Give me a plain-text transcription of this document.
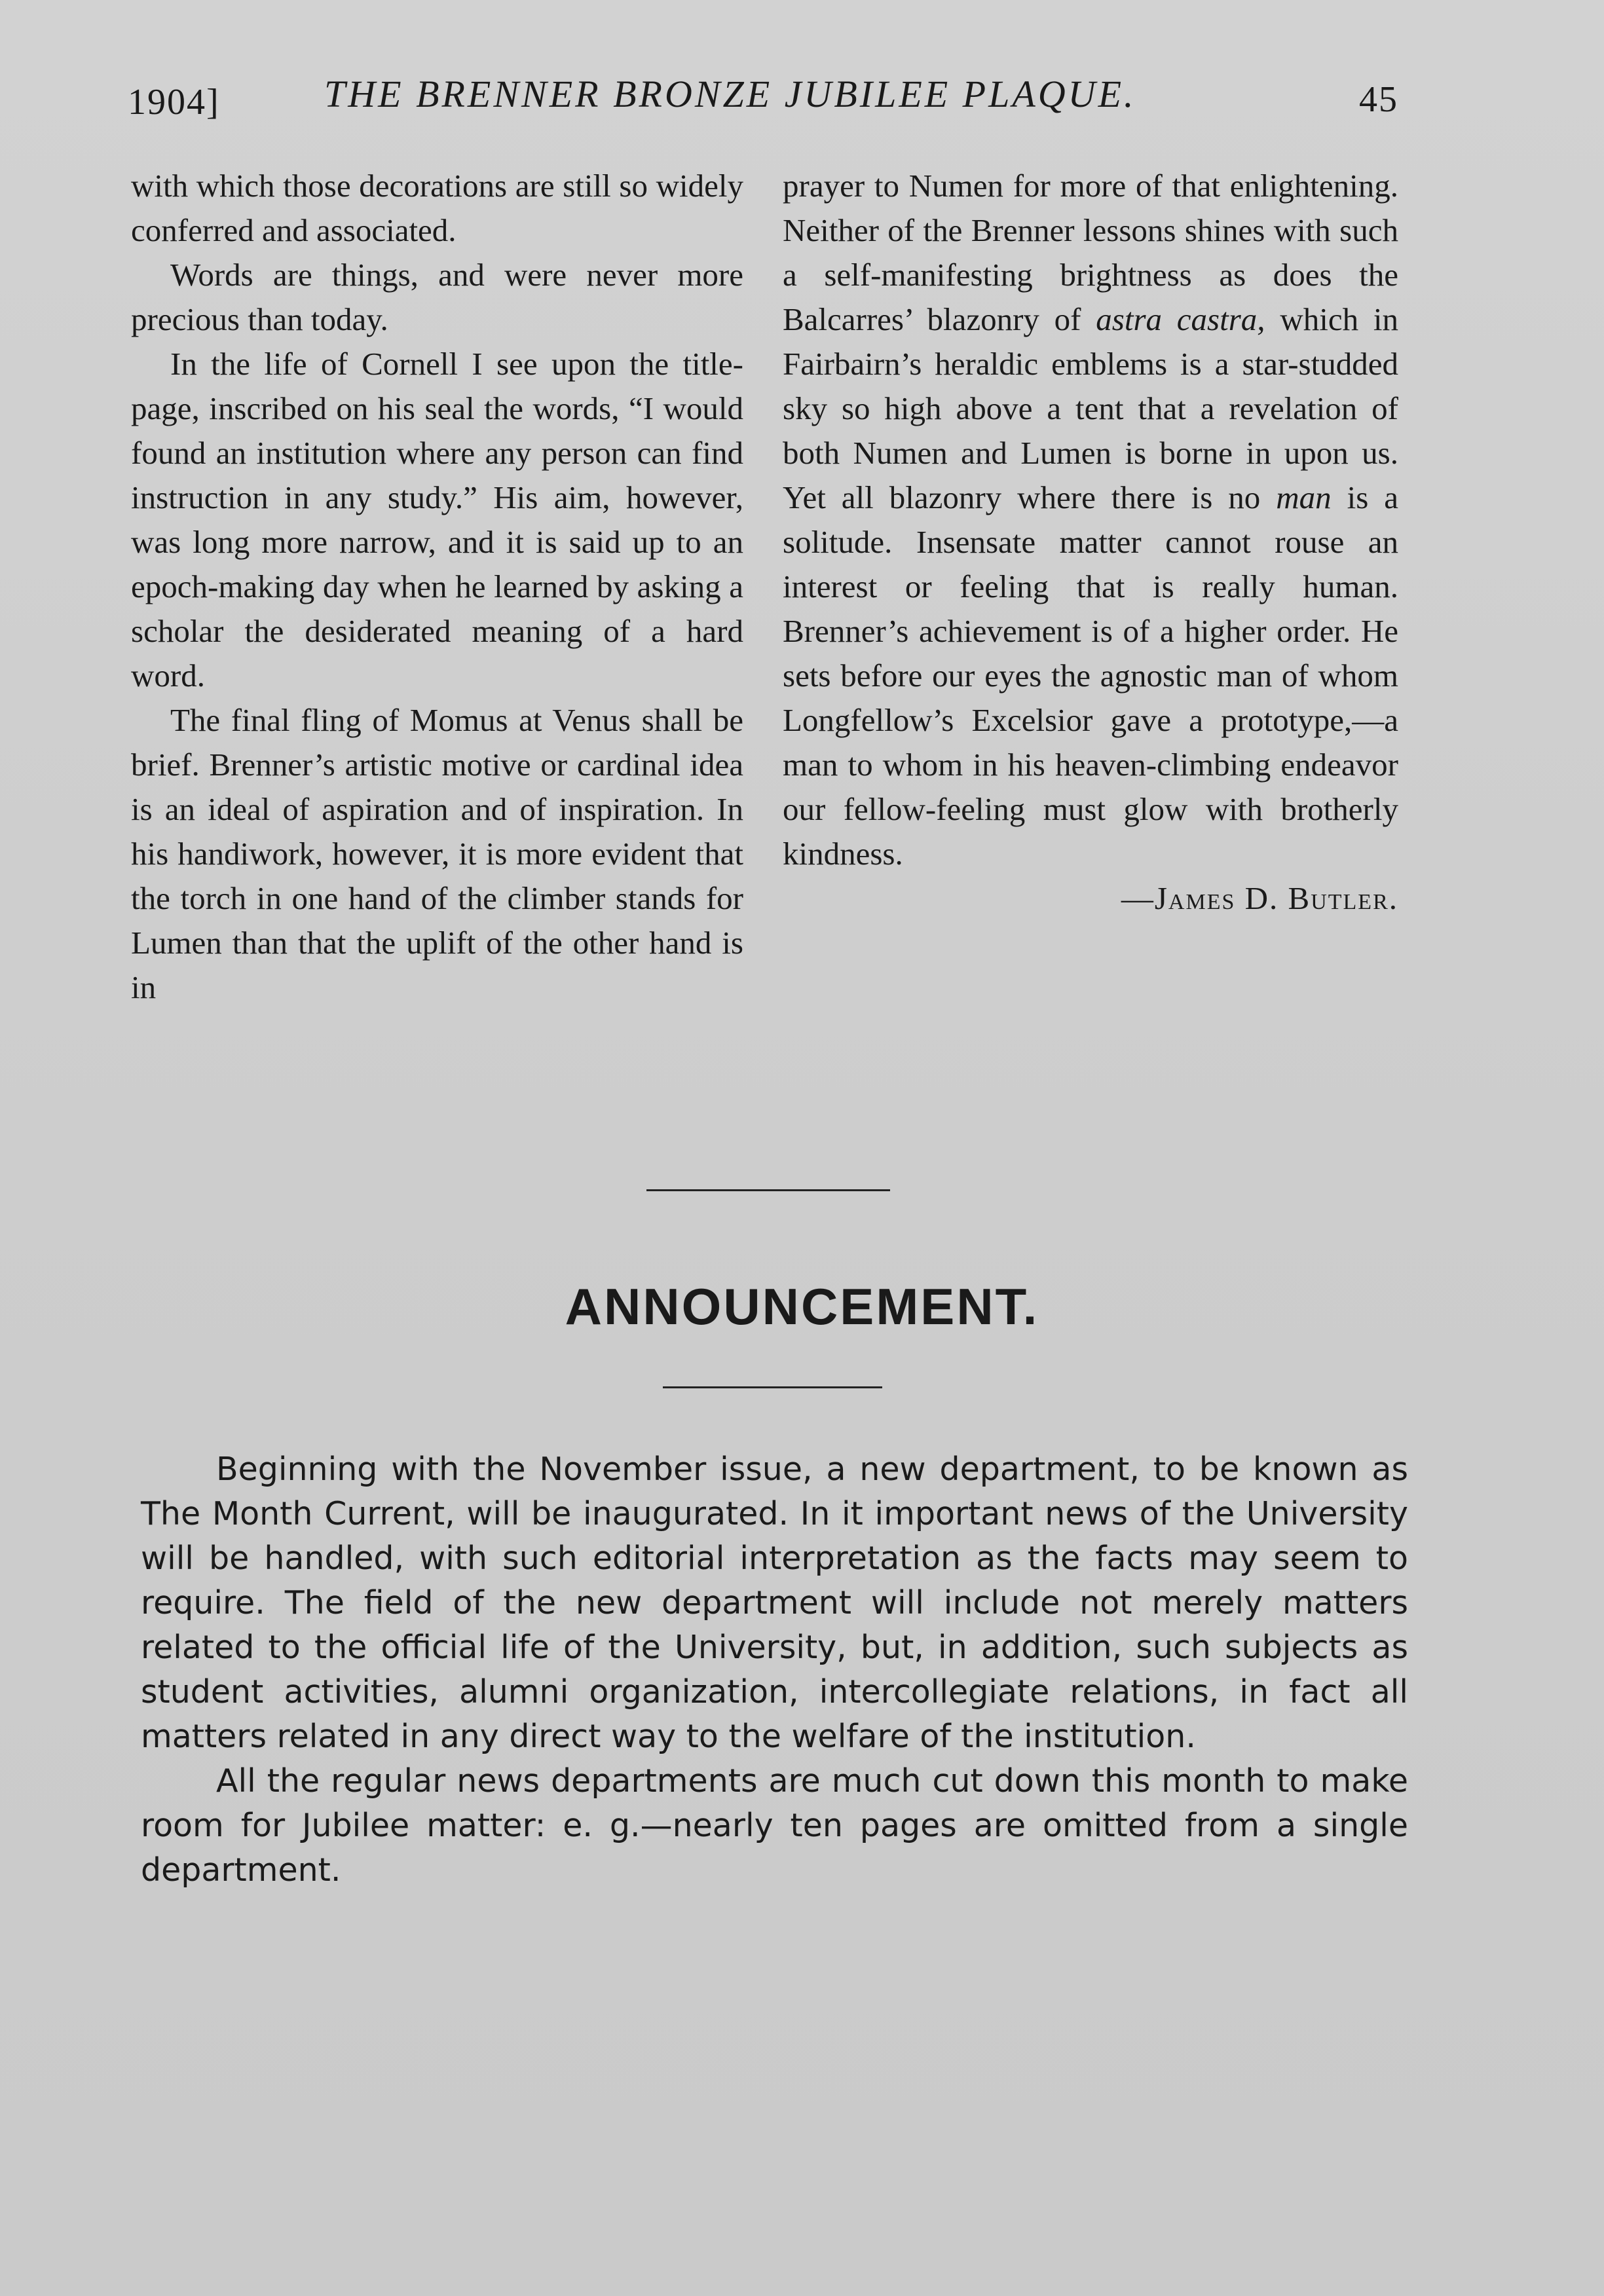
1904]	THE BRENNER BRONZE JUBILEE PLAQUE.	45

with which those decorations are still so widely conferred and associated.

Words are things, and were never more precious than today.

In the life of Cornell I see upon the title-page, inscribed on his seal the words, “I would found an institution where any person can find instruction in any study.” His aim, however, was long more narrow, and it is said up to an epoch-making day when he learned by asking a scholar the desiderated meaning of a hard word.

The final fling of Momus at Venus shall be brief. Brenner’s artistic motive or cardinal idea is an ideal of aspiration and of inspiration. In his handiwork, however, it is more evident that the torch in one hand of the climber stands for Lumen than that the uplift of the other hand is in

prayer to Numen for more of that enlightening. Neither of the Brenner lessons shines with such a self-manifesting brightness as does the Balcarres’ blazonry of astra castra, which in Fairbairn’s heraldic emblems is a star-studded sky so high above a tent that a revelation of both Numen and Lumen is borne in upon us. Yet all blazonry where there is no man is a solitude. Insensate matter cannot rouse an interest or feeling that is really human. Brenner’s achievement is of a higher order. He sets before our eyes the agnostic man of whom Longfellow’s Excelsior gave a prototype,—a man to whom in his heaven-climbing endeavor our fellow-feeling must glow with brotherly kindness.

—James D. Butler.

ANNOUNCEMENT.

Beginning with the November issue, a new department, to be known as The Month Current, will be inaugurated. In it important news of the University will be handled, with such editorial interpretation as the facts may seem to require. The field of the new department will include not merely matters related to the official life of the University, but, in addition, such subjects as student activities, alumni organization, intercollegiate relations, in fact all matters related in any direct way to the welfare of the institution.

All the regular news departments are much cut down this month to make room for Jubilee matter: e. g.—nearly ten pages are omitted from a single department.
